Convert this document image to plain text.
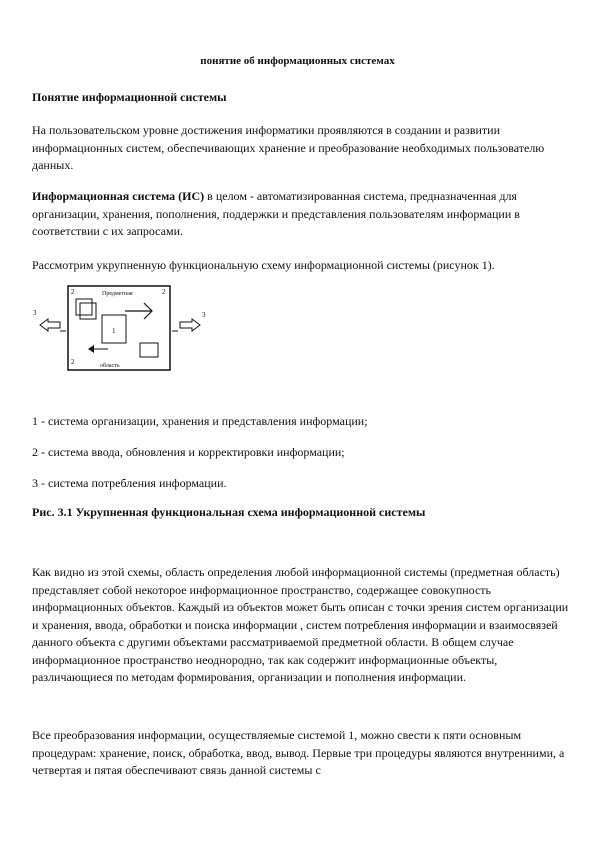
понятие об информационных системах

Понятие информационной системы

На пользовательском уровне достижения информатики проявляются в создании и развитии информационных систем, обеспечивающих хранение и преобразование необходимых пользователю данных.

Информационная система (ИС) в целом - автоматизированная система, предназначенная для организации, хранения, пополнения, поддержки и представления пользователям информации в соответствии с их запросами.

Рассмотрим укрупненную функциональную схему информационной системы (рисунок 1).

Предметная
область
1
2
2
2
3	3

1 - система организации, хранения и представления информации;

2 - система ввода, обновления и корректировки информации;

3 - система потребления информации.

Рис. 3.1 Укрупненная функциональная схема информационной системы

Как видно из этой схемы, область определения любой информационной системы (предметная область) представляет собой некоторое информационное пространство, содержащее совокупность информационных объектов. Каждый из объектов может быть описан с точки зрения систем организации и хранения, ввода, обработки и поиска информации , систем потребления информации и взаимосвязей данного объекта с другими объектами рассматриваемой предметной области. В общем случае информационное пространство неоднородно, так как содержит информационные объекты, различающиеся по методам формирования, организации и пополнения информации.

Все преобразования информации, осуществляемые системой 1, можно свести к пяти основным процедурам: хранение, поиск, обработка, ввод, вывод. Первые три процедуры являются внутренними, а четвертая и пятая обеспечивают связь данной системы с
